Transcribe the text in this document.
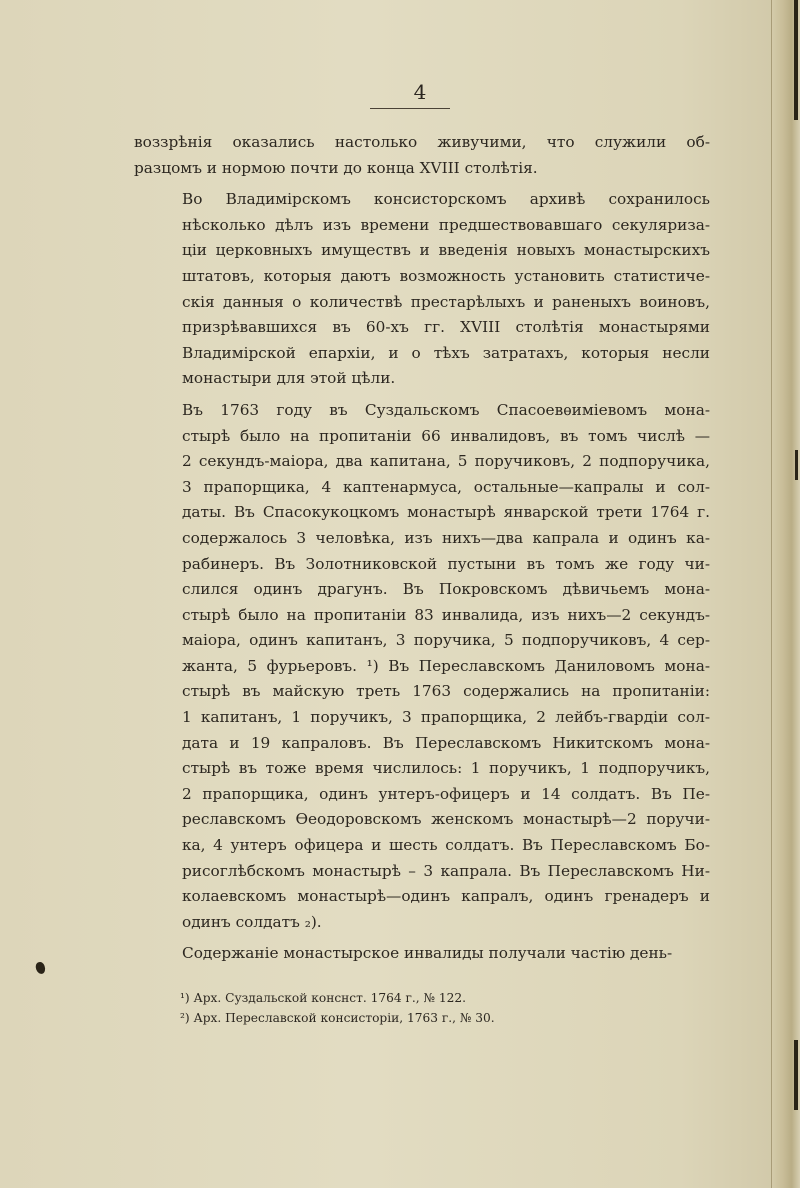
4
воззрѣнія оказались настолько живучими, что служили об-
разцомъ и нормою почти до конца XVIII столѣтія.
Во Владимірскомъ консисторскомъ архивѣ сохранилось
нѣсколько дѣлъ изъ времени предшествовавшаго секуляриза-
ціи церковныхъ имуществъ и введенія новыхъ монастырскихъ
штатовъ, которыя даютъ возможность установить статистиче-
скія данныя о количествѣ престарѣлыхъ и раненыхъ воиновъ,
призрѣвавшихся въ 60-хъ гг. XVIII столѣтія монастырями
Владимірской епархіи, и о тѣхъ затратахъ, которыя несли
монастыри для этой цѣли.
Въ 1763 году въ Суздальскомъ Спасоевѳиміевомъ мона-
стырѣ было на пропитаніи 66 инвалидовъ, въ томъ числѣ —
2 секундъ-маіора, два капитана, 5 поручиковъ, 2 подпоручика,
3 прапорщика, 4 каптенармуса, остальные—капралы и сол-
даты. Въ Спасокукоцкомъ монастырѣ январской трети 1764 г.
содержалось 3 человѣка, изъ нихъ—два капрала и одинъ ка-
рабинеръ. Въ Золотниковской пустыни въ томъ же году чи-
слился одинъ драгунъ. Въ Покровскомъ дѣвичьемъ мона-
стырѣ было на пропитаніи 83 инвалида, изъ нихъ—2 секундъ-
маіора, одинъ капитанъ, 3 поручика, 5 подпоручиковъ, 4 сер-
жанта, 5 фурьеровъ. ¹) Въ Переславскомъ Даниловомъ мона-
стырѣ въ майскую треть 1763 содержались на пропитаніи:
1 капитанъ, 1 поручикъ, 3 прапорщика, 2 лейбъ-гвардіи сол-
дата и 19 капраловъ. Въ Переславскомъ Никитскомъ мона-
стырѣ въ тоже время числилось: 1 поручикъ, 1 подпоручикъ,
2 прапорщика, одинъ унтеръ-офицеръ и 14 солдатъ. Въ Пе-
реславскомъ Ѳеодоровскомъ женскомъ монастырѣ—2 поручи-
ка, 4 унтеръ офицера и шесть солдатъ. Въ Переславскомъ Бо-
рисоглѣбскомъ монастырѣ – 3 капрала. Въ Переславскомъ Ни-
колаевскомъ монастырѣ—одинъ капралъ, одинъ гренадеръ и
одинъ солдатъ ₂).
Содержаніе монастырское инвалиды получали частію день-
¹) Арх. Суздальской конснст. 1764 г., № 122.
²) Арх. Переславской консисторіи, 1763 г., № 30.
